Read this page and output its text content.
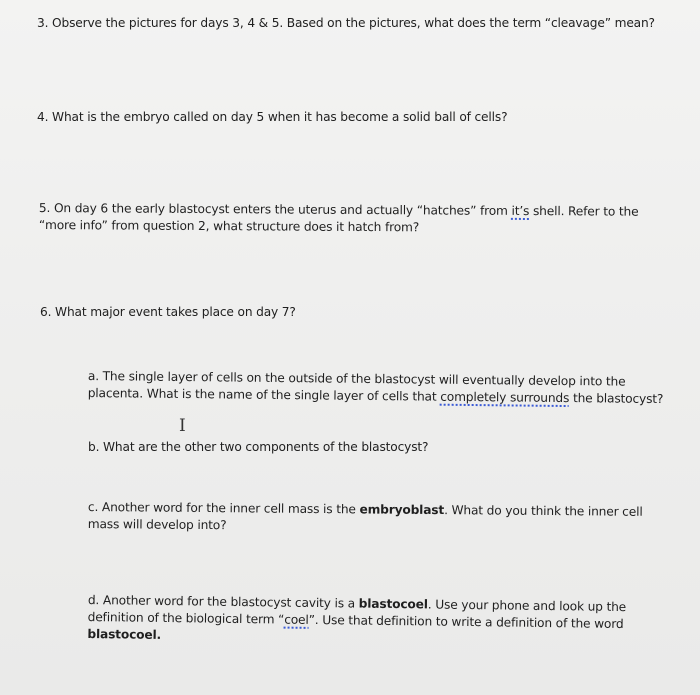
3. Observe the pictures for days 3, 4 & 5. Based on the pictures, what does the term “cleavage” mean?
4. What is the embryo called on day 5 when it has become a solid ball of cells?
5. On day 6 the early blastocyst enters the uterus and actually “hatches” from it’s shell. Refer to the
“more info” from question 2, what structure does it hatch from?
6. What major event takes place on day 7?
a. The single layer of cells on the outside of the blastocyst will eventually develop into the
placenta. What is the name of the single layer of cells that completely surrounds the blastocyst?
I
b. What are the other two components of the blastocyst?
c. Another word for the inner cell mass is the embryoblast. What do you think the inner cell
mass will develop into?
d. Another word for the blastocyst cavity is a blastocoel. Use your phone and look up the
definition of the biological term “coel”. Use that definition to write a definition of the word
blastocoel.
